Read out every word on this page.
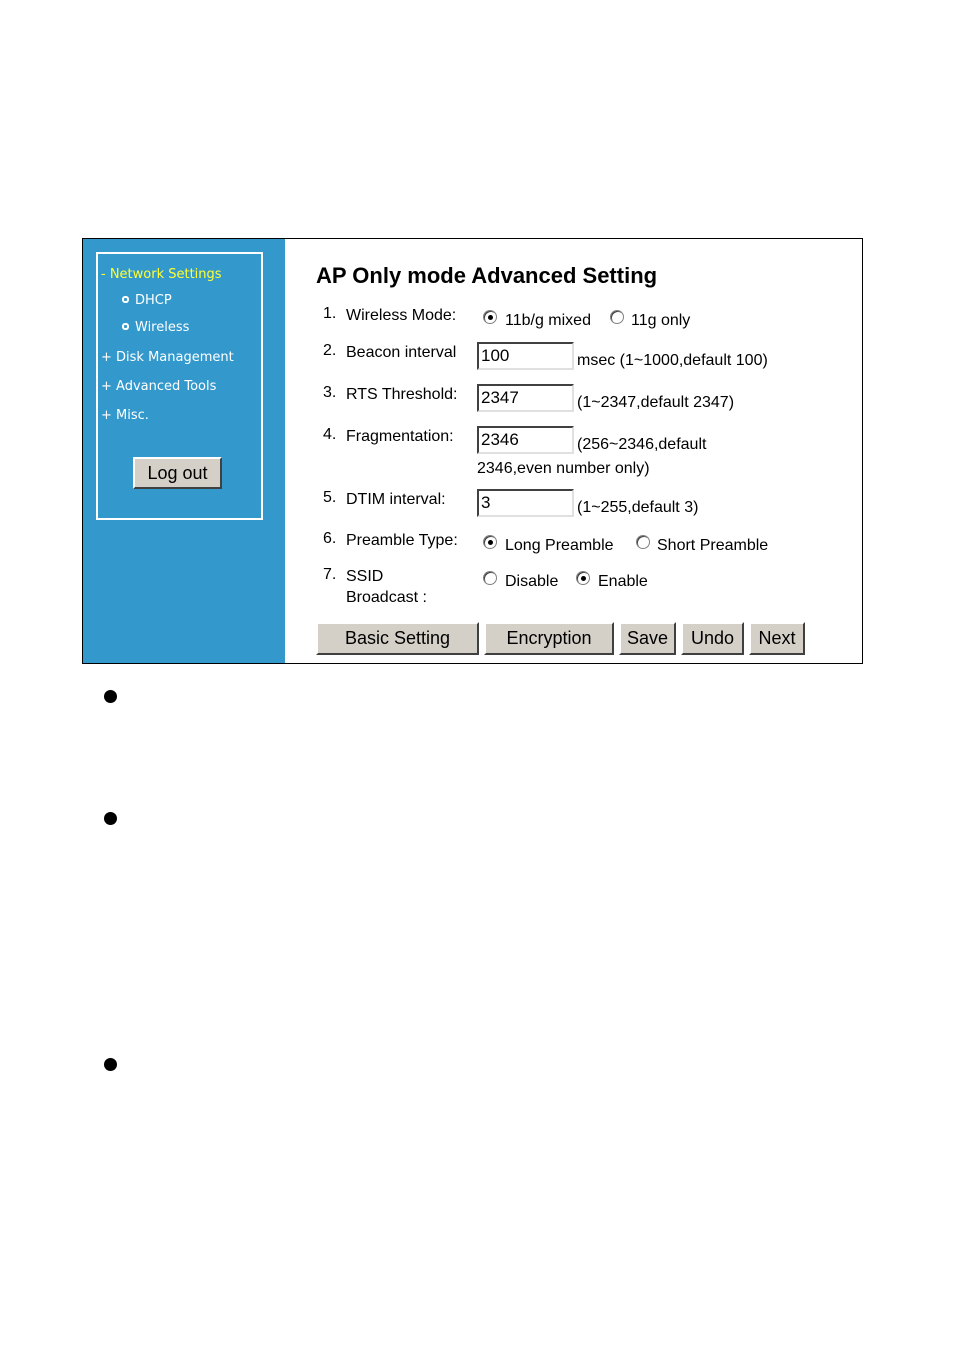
- Network Settings
DHCP
Wireless
+ Disk Management
+ Advanced Tools
+ Misc.
Log out
AP Only mode Advanced Setting
1. Wireless Mode:	11b/g mixed	11g only
2. Beacon interval
100	msec (1~1000,default 100)
3. RTS Threshold:
2347	(1~2347,default 2347)
4. Fragmentation:
2346	(256~2346,default
2346,even number only)
5. DTIM interval:
3	(1~255,default 3)
6. Preamble Type:	Long Preamble	Short Preamble
7. SSID
Broadcast :
Disable Enable
Basic Setting	Encryption	Save	Undo	Next
